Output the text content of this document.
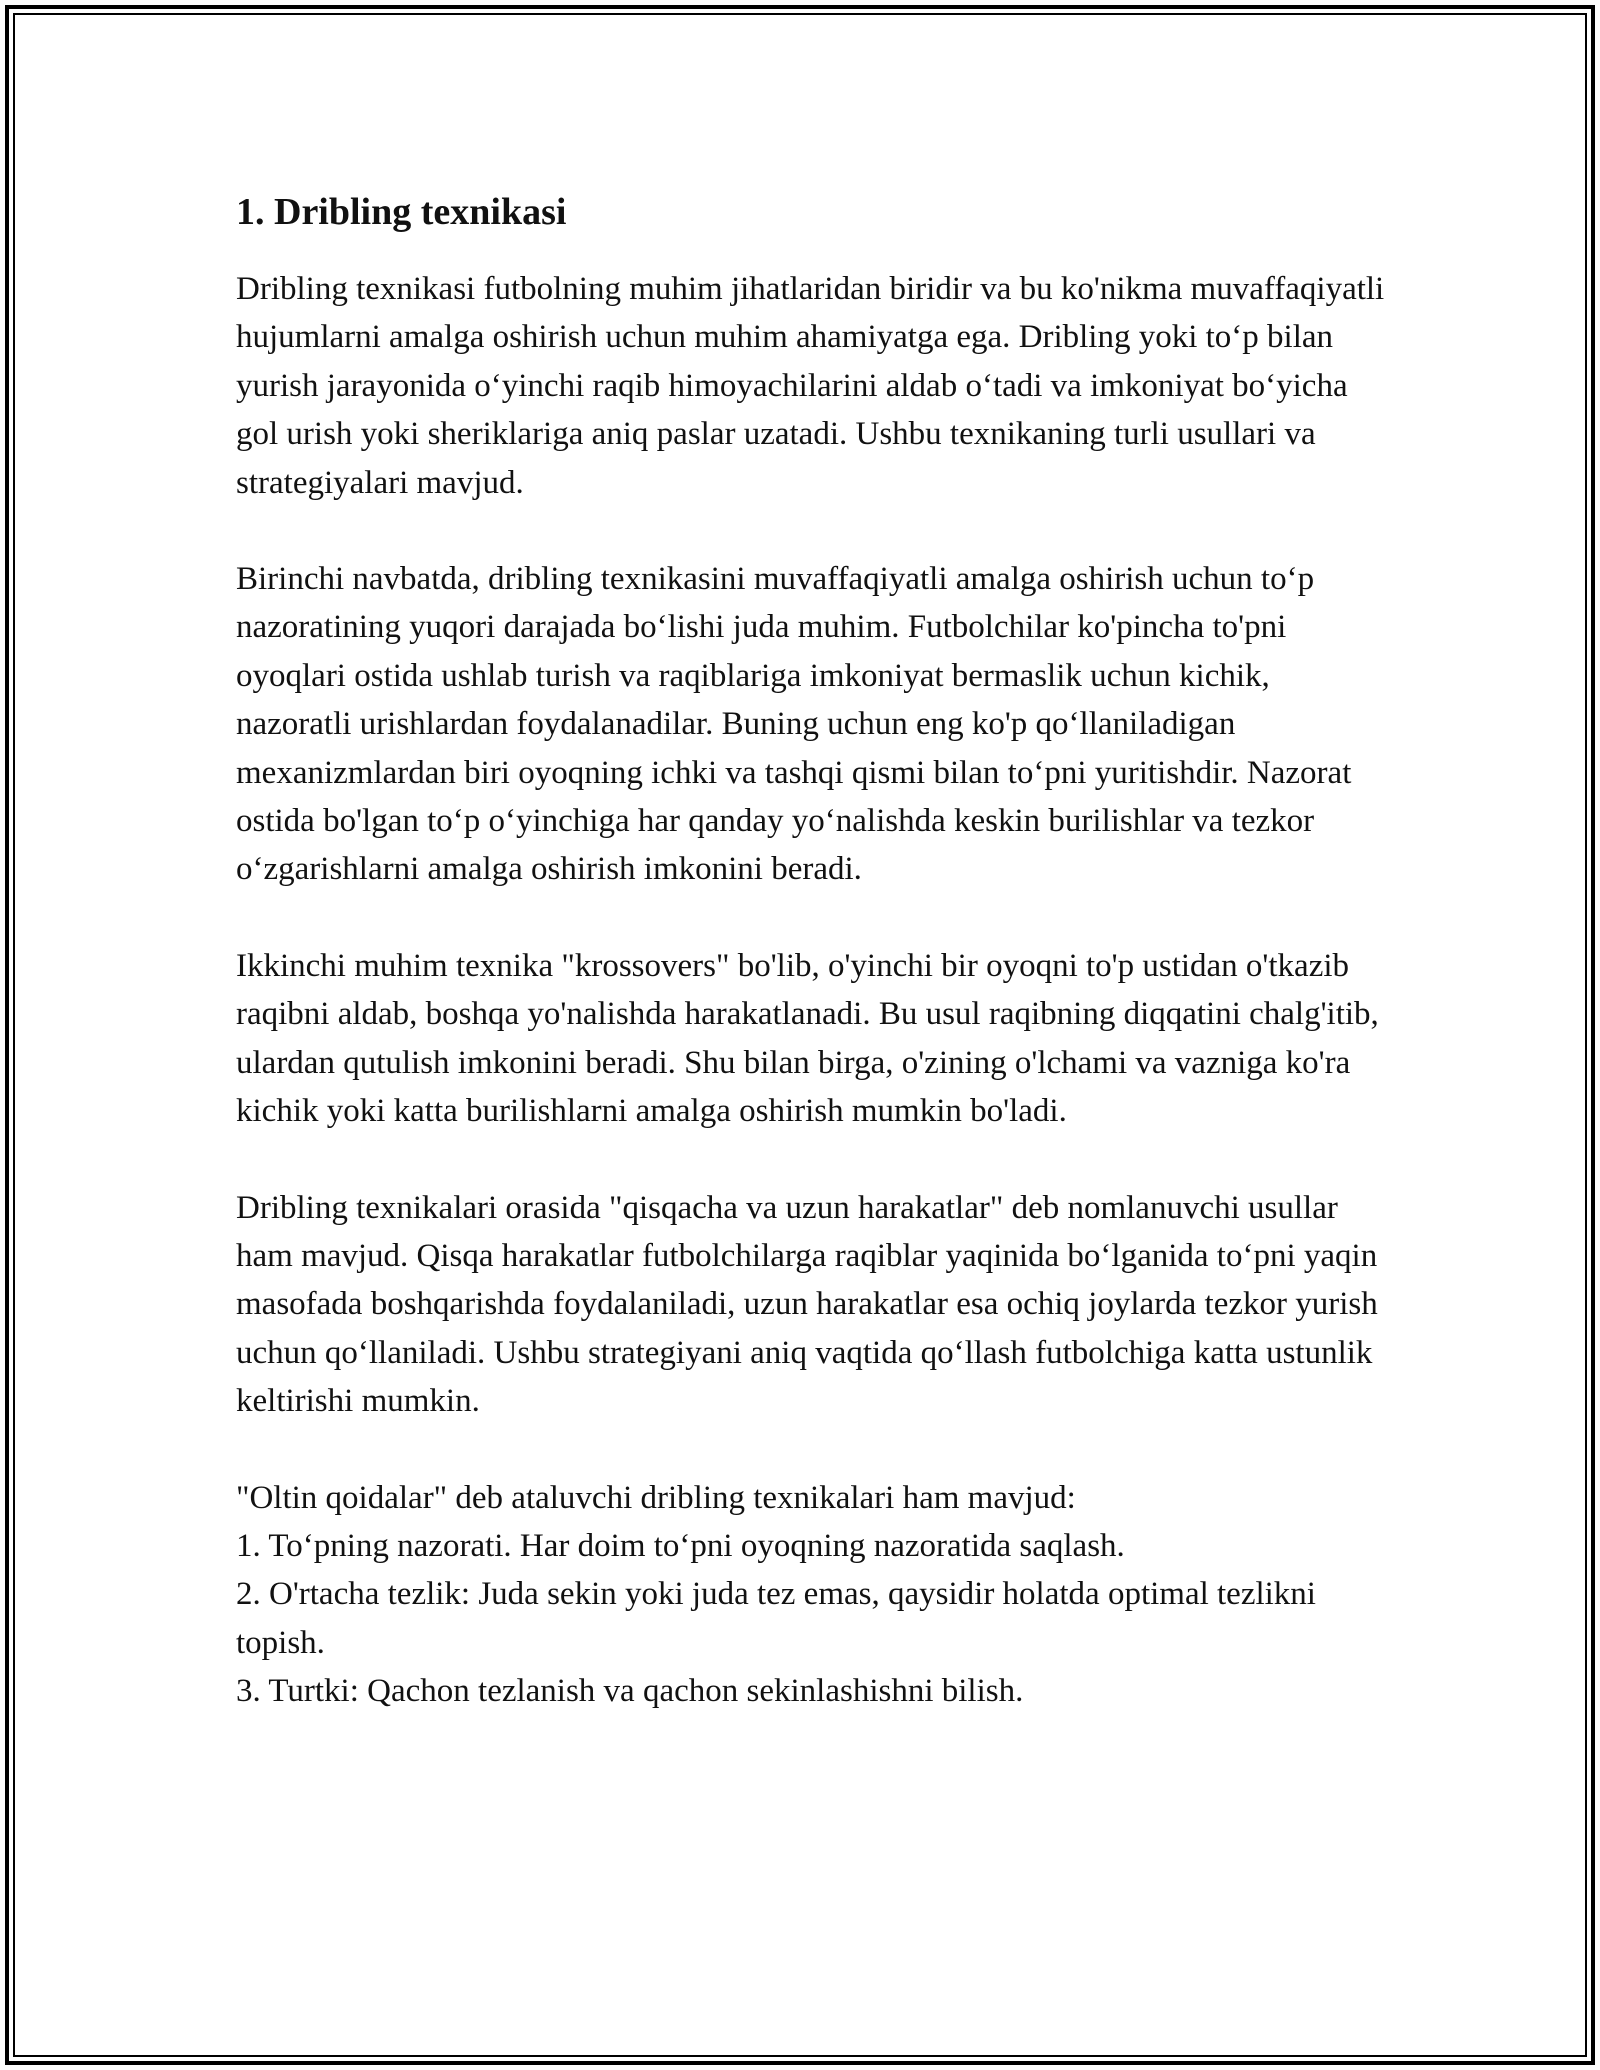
1. Dribling texnikasi

Dribling texnikasi futbolning muhim jihatlaridan biridir va bu ko'nikma muvaffaqiyatli hujumlarni amalga oshirish uchun muhim ahamiyatga ega. Dribling yoki to‘p bilan yurish jarayonida o‘yinchi raqib himoyachilarini aldab o‘tadi va imkoniyat bo‘yicha gol urish yoki sheriklariga aniq paslar uzatadi. Ushbu texnikaning turli usullari va strategiyalari mavjud.

Birinchi navbatda, dribling texnikasini muvaffaqiyatli amalga oshirish uchun to‘p nazoratining yuqori darajada bo‘lishi juda muhim. Futbolchilar ko'pincha to'pni oyoqlari ostida ushlab turish va raqiblariga imkoniyat bermaslik uchun kichik, nazoratli urishlardan foydalanadilar. Buning uchun eng ko'p qo‘llaniladigan mexanizmlardan biri oyoqning ichki va tashqi qismi bilan to‘pni yuritishdir. Nazorat ostida bo'lgan to‘p o‘yinchiga har qanday yo‘nalishda keskin burilishlar va tezkor o‘zgarishlarni amalga oshirish imkonini beradi.

Ikkinchi muhim texnika "krossovers" bo'lib, o'yinchi bir oyoqni to'p ustidan o'tkazib raqibni aldab, boshqa yo'nalishda harakatlanadi. Bu usul raqibning diqqatini chalg'itib, ulardan qutulish imkonini beradi. Shu bilan birga, o'zining o'lchami va vazniga ko'ra kichik yoki katta burilishlarni amalga oshirish mumkin bo'ladi.

Dribling texnikalari orasida "qisqacha va uzun harakatlar" deb nomlanuvchi usullar ham mavjud. Qisqa harakatlar futbolchilarga raqiblar yaqinida bo‘lganida to‘pni yaqin masofada boshqarishda foydalaniladi, uzun harakatlar esa ochiq joylarda tezkor yurish uchun qo‘llaniladi. Ushbu strategiyani aniq vaqtida qo‘llash futbolchiga katta ustunlik keltirishi mumkin.

"Oltin qoidalar" deb ataluvchi dribling texnikalari ham mavjud:

1. To‘pning nazorati. Har doim to‘pni oyoqning nazoratida saqlash.

2. O'rtacha tezlik: Juda sekin yoki juda tez emas, qaysidir holatda optimal tezlikni topish.

3. Turtki: Qachon tezlanish va qachon sekinlashishni bilish.
